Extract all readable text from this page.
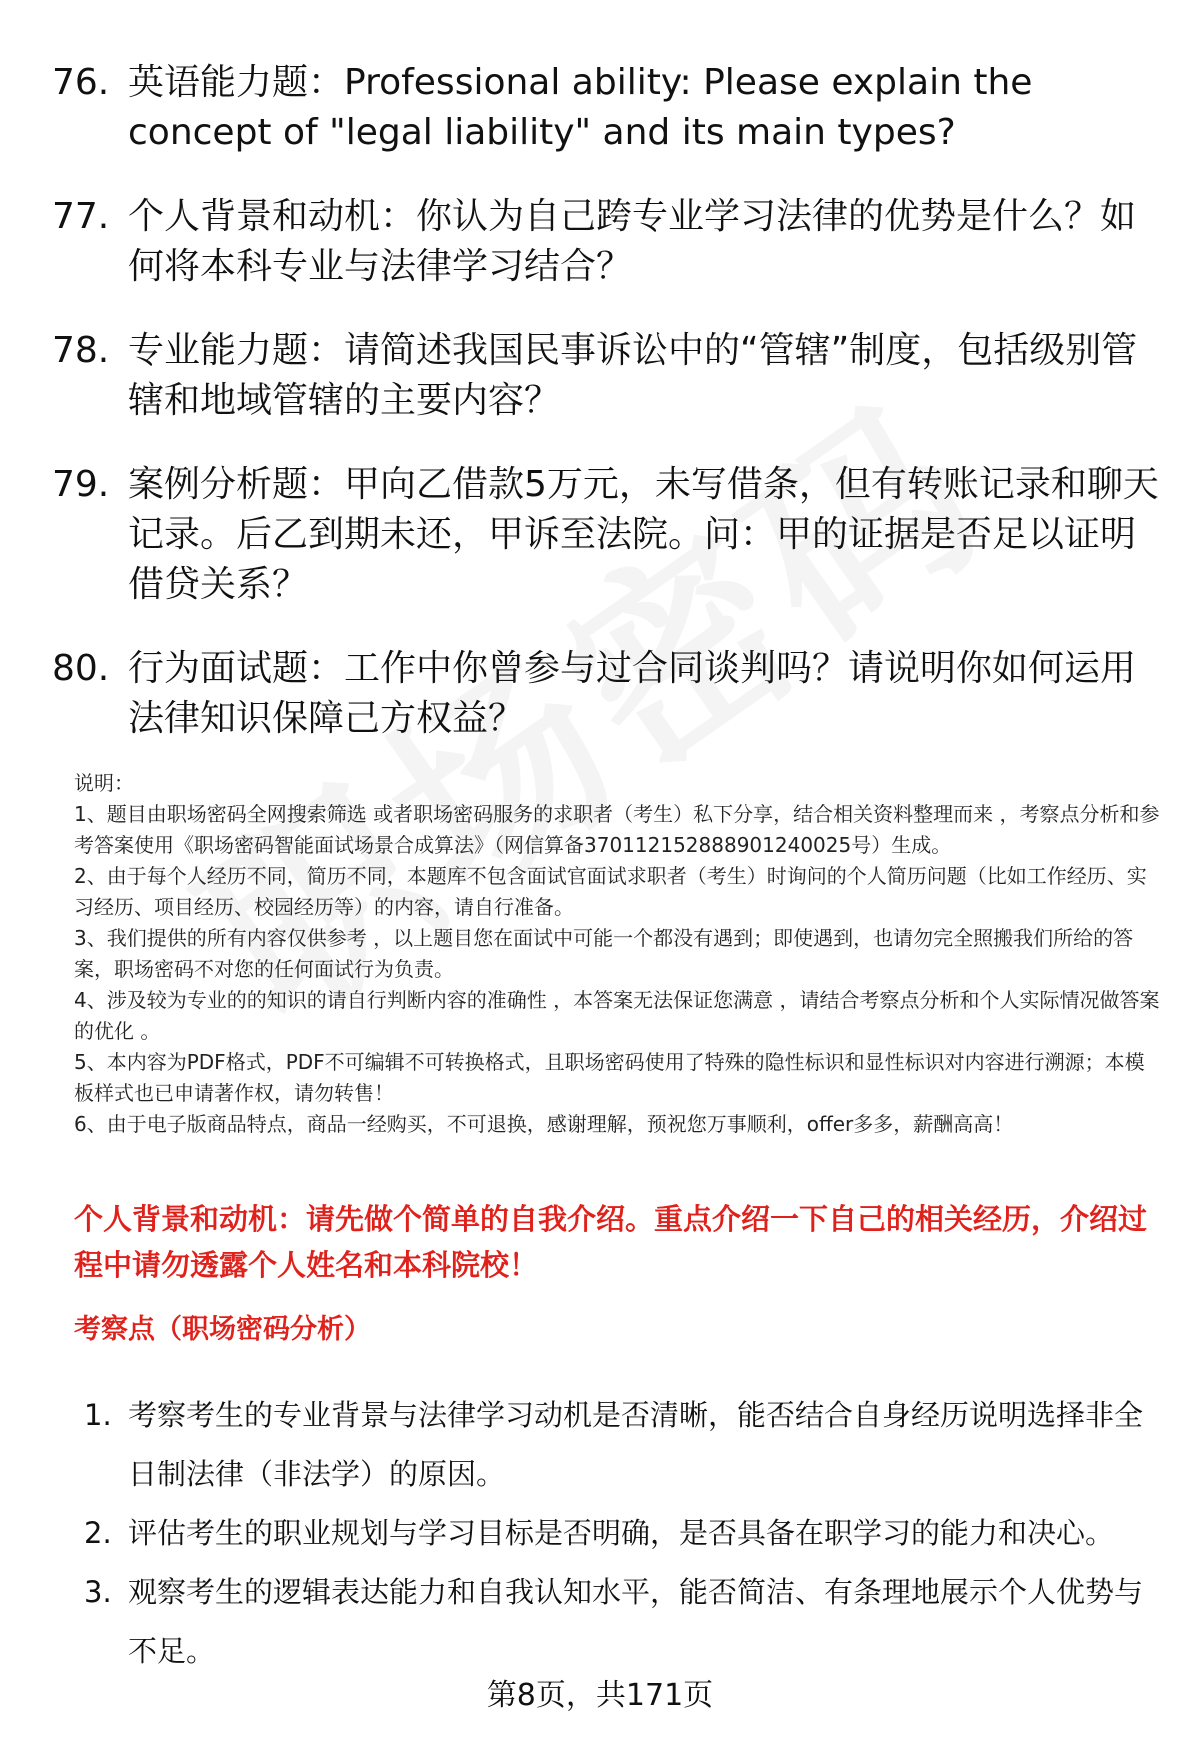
76. 英语能力题：Professional ability: Please explain the concept of "legal liability" and its main types?
77. 个人背景和动机：你认为自己跨专业学习法律的优势是什么？如何将本科专业与法律学习结合？
78. 专业能力题：请简述我国民事诉讼中的“管辖”制度，包括级别管辖和地域管辖的主要内容？
79. 案例分析题：甲向乙借款5万元，未写借条，但有转账记录和聊天记录。后乙到期未还，甲诉至法院。问：甲的证据是否足以证明借贷关系？
80. 行为面试题：工作中你曾参与过合同谈判吗？请说明你如何运用法律知识保障己方权益？

说明：

1、题目由职场密码全网搜索筛选 或者职场密码服务的求职者（考生）私下分享，结合相关资料整理而来 ，考察点分析和参考答案使用《职场密码智能面试场景合成算法》（网信算备370112152888901240025号）生成。

2、由于每个人经历不同，简历不同，本题库不包含面试官面试求职者（考生）时询问的个人简历问题（比如工作经历、实习经历、项目经历、校园经历等）的内容，请自行准备。

3、我们提供的所有内容仅供参考 ，以上题目您在面试中可能一个都没有遇到；即使遇到，也请勿完全照搬我们所给的答案，职场密码不对您的任何面试行为负责。

4、涉及较为专业的的知识的请自行判断内容的准确性 ，本答案无法保证您满意 ，请结合考察点分析和个人实际情况做答案的优化 。

5、本内容为PDF格式，PDF不可编辑不可转换格式，且职场密码使用了特殊的隐性标识和显性标识对内容进行溯源；本模板样式也已申请著作权，请勿转售！

6、由于电子版商品特点，商品一经购买，不可退换，感谢理解，预祝您万事顺利，offer多多，薪酬高高！

个人背景和动机：请先做个简单的自我介绍。重点介绍一下自己的相关经历，介绍过程中请勿透露个人姓名和本科院校！
考察点（职场密码分析）
1. 考察考生的专业背景与法律学习动机是否清晰，能否结合自身经历说明选择非全日制法律（非法学）的原因。
2. 评估考生的职业规划与学习目标是否明确，是否具备在职学习的能力和决心。
3. 观察考生的逻辑表达能力和自我认知水平，能否简洁、有条理地展示个人优势与不足。
第8页，共171页
